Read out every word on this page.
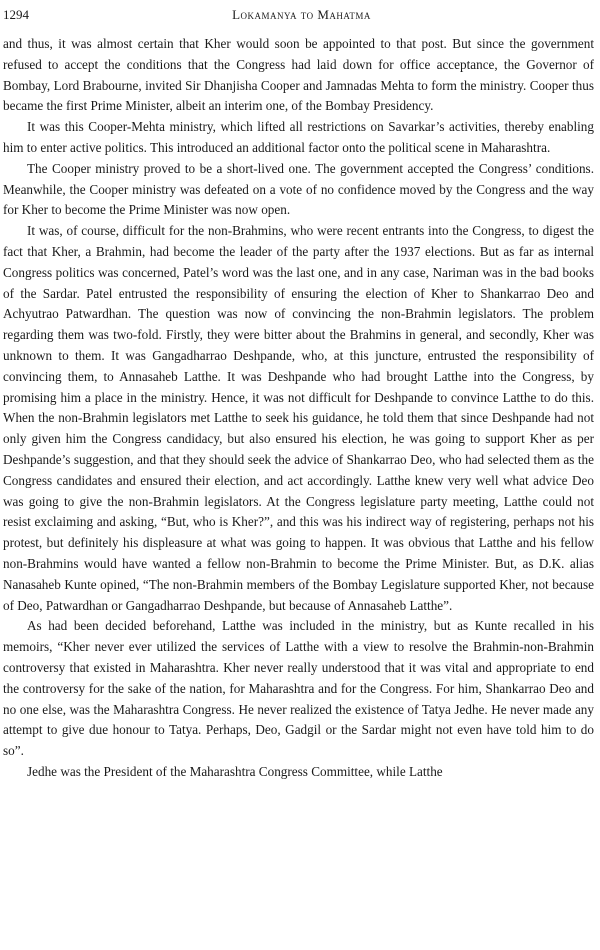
1294	Lokamanya to Mahatma

and thus, it was almost certain that Kher would soon be appointed to that post. But since the government refused to accept the conditions that the Congress had laid down for office acceptance, the Governor of Bombay, Lord Brabourne, invited Sir Dhanjisha Cooper and Jamnadas Mehta to form the ministry. Cooper thus became the first Prime Minister, albeit an interim one, of the Bombay Presidency.

It was this Cooper-Mehta ministry, which lifted all restrictions on Savarkar’s activities, thereby enabling him to enter active politics. This introduced an additional factor onto the political scene in Maharashtra.

The Cooper ministry proved to be a short-lived one. The government accepted the Congress’ conditions. Meanwhile, the Cooper ministry was defeated on a vote of no confidence moved by the Congress and the way for Kher to become the Prime Minister was now open.

It was, of course, difficult for the non-Brahmins, who were recent entrants into the Congress, to digest the fact that Kher, a Brahmin, had become the leader of the party after the 1937 elections. But as far as internal Congress politics was concerned, Patel’s word was the last one, and in any case, Nariman was in the bad books of the Sardar. Patel entrusted the responsibility of ensuring the election of Kher to Shankarrao Deo and Achyutrao Patwardhan. The question was now of convincing the non-Brahmin legislators. The problem regarding them was two-fold. Firstly, they were bitter about the Brahmins in general, and secondly, Kher was unknown to them. It was Gangadharrao Deshpande, who, at this juncture, entrusted the responsibility of convincing them, to Annasaheb Latthe. It was Deshpande who had brought Latthe into the Congress, by promising him a place in the ministry. Hence, it was not difficult for Deshpande to convince Latthe to do this. When the non-Brahmin legislators met Latthe to seek his guidance, he told them that since Deshpande had not only given him the Congress candidacy, but also ensured his election, he was going to support Kher as per Deshpande’s suggestion, and that they should seek the advice of Shankarrao Deo, who had selected them as the Congress candidates and ensured their election, and act accordingly. Latthe knew very well what advice Deo was going to give the non-Brahmin legislators. At the Congress legislature party meeting, Latthe could not resist exclaiming and asking, “But, who is Kher?”, and this was his indirect way of registering, perhaps not his protest, but definitely his displeasure at what was going to happen. It was obvious that Latthe and his fellow non-Brahmins would have wanted a fellow non-Brahmin to become the Prime Minister. But, as D.K. alias Nanasaheb Kunte opined, “The non-Brahmin members of the Bombay Legislature supported Kher, not because of Deo, Patwardhan or Gangadharrao Deshpande, but because of Annasaheb Latthe”.

As had been decided beforehand, Latthe was included in the ministry, but as Kunte recalled in his memoirs, “Kher never ever utilized the services of Latthe with a view to resolve the Brahmin-non-Brahmin controversy that existed in Maharashtra. Kher never really understood that it was vital and appropriate to end the controversy for the sake of the nation, for Maharashtra and for the Congress. For him, Shankarrao Deo and no one else, was the Maharashtra Congress. He never realized the existence of Tatya Jedhe. He never made any attempt to give due honour to Tatya. Perhaps, Deo, Gadgil or the Sardar might not even have told him to do so”.

Jedhe was the President of the Maharashtra Congress Committee, while Latthe
